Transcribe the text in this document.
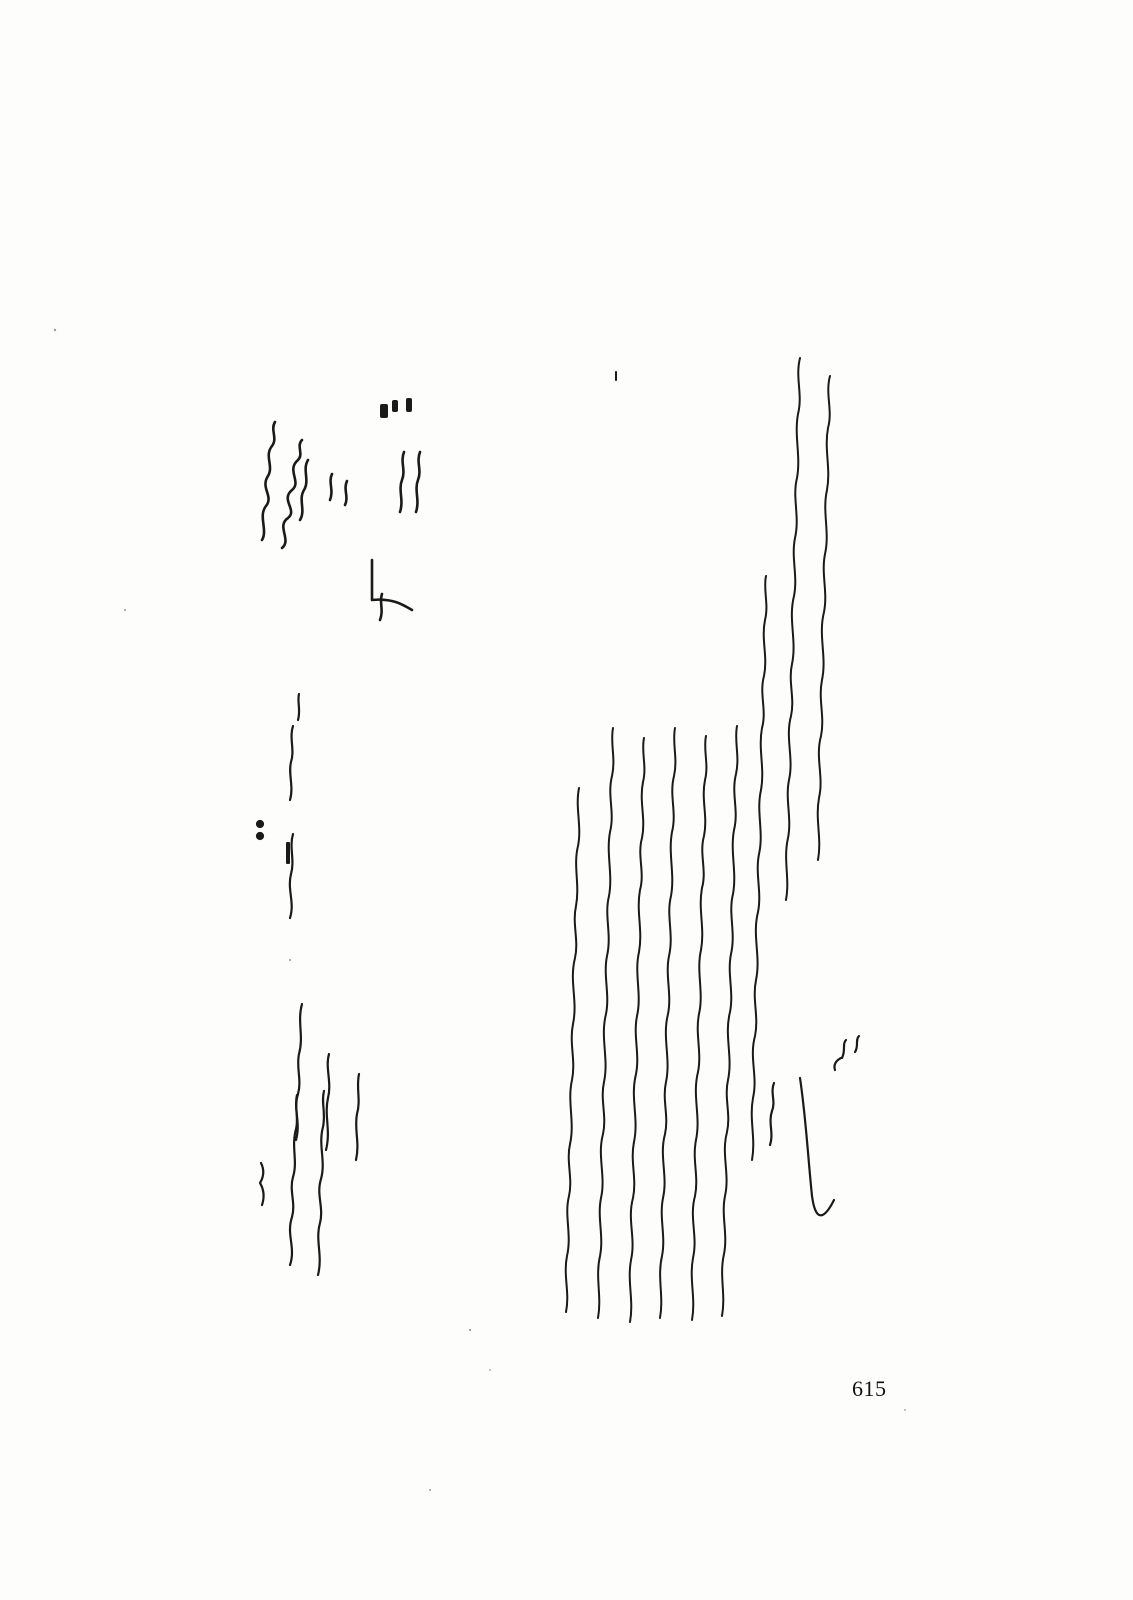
615
